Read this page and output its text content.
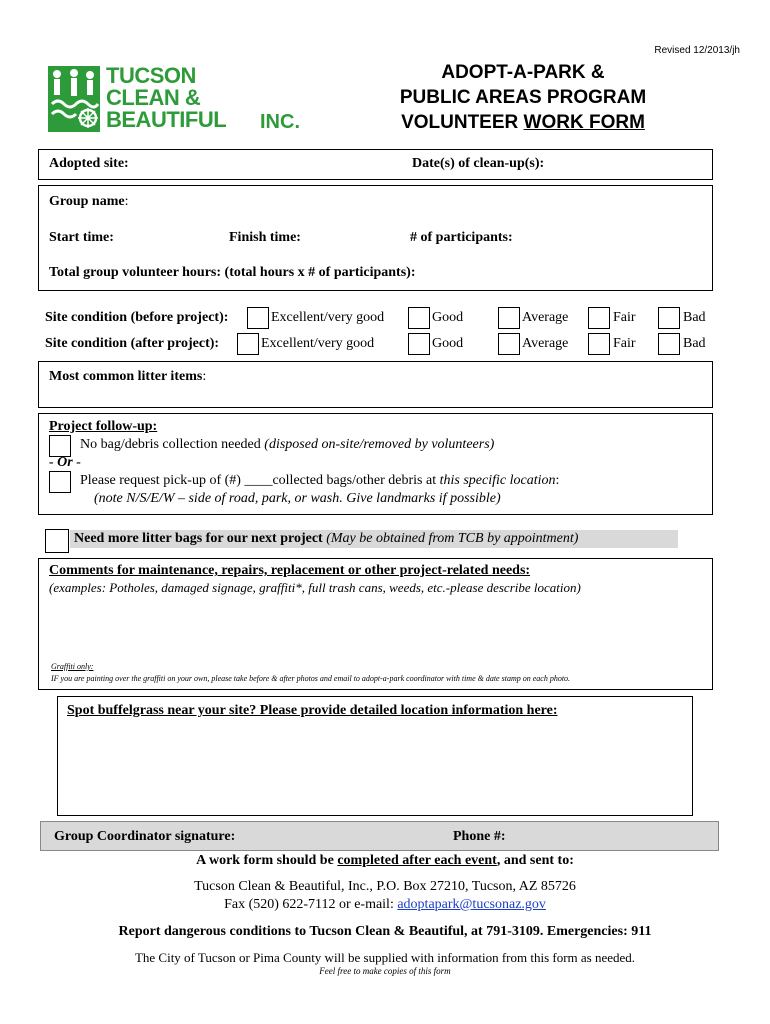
Revised 12/2013/jh
TUCSON
CLEAN &
BEAUTIFUL INC.
ADOPT-A-PARK &
PUBLIC AREAS PROGRAM
VOLUNTEER WORK FORM
Adopted site:	Date(s) of clean-up(s):
Group name:
Start time:	Finish time:	# of participants:
Total group volunteer hours: (total hours x # of participants):
Site condition (before project):	Excellent/very good	Good	Average	Fair	Bad
Site condition (after project):	Excellent/very good	Good	Average	Fair	Bad
Most common litter items:
Project follow-up:
No bag/debris collection needed (disposed on-site/removed by volunteers)
- Or -
Please request pick-up of (#) ____collected bags/other debris at this specific location:
(note N/S/E/W – side of road, park, or wash. Give landmarks if possible)
Need more litter bags for our next project (May be obtained from TCB by appointment)
Comments for maintenance, repairs, replacement or other project-related needs:
(examples: Potholes, damaged signage, graffiti*, full trash cans, weeds, etc.-please describe location)
Graffiti only:
IF you are painting over the graffiti on your own, please take before & after photos and email to adopt-a-park coordinator with time & date stamp on each photo.
Spot buffelgrass near your site? Please provide detailed location information here:
Group Coordinator signature:	Phone #:
A work form should be completed after each event, and sent to:
Tucson Clean & Beautiful, Inc., P.O. Box 27210, Tucson, AZ 85726
Fax (520) 622-7112 or e-mail: adoptapark@tucsonaz.gov
Report dangerous conditions to Tucson Clean & Beautiful, at 791-3109. Emergencies: 911
The City of Tucson or Pima County will be supplied with information from this form as needed.
Feel free to make copies of this form
